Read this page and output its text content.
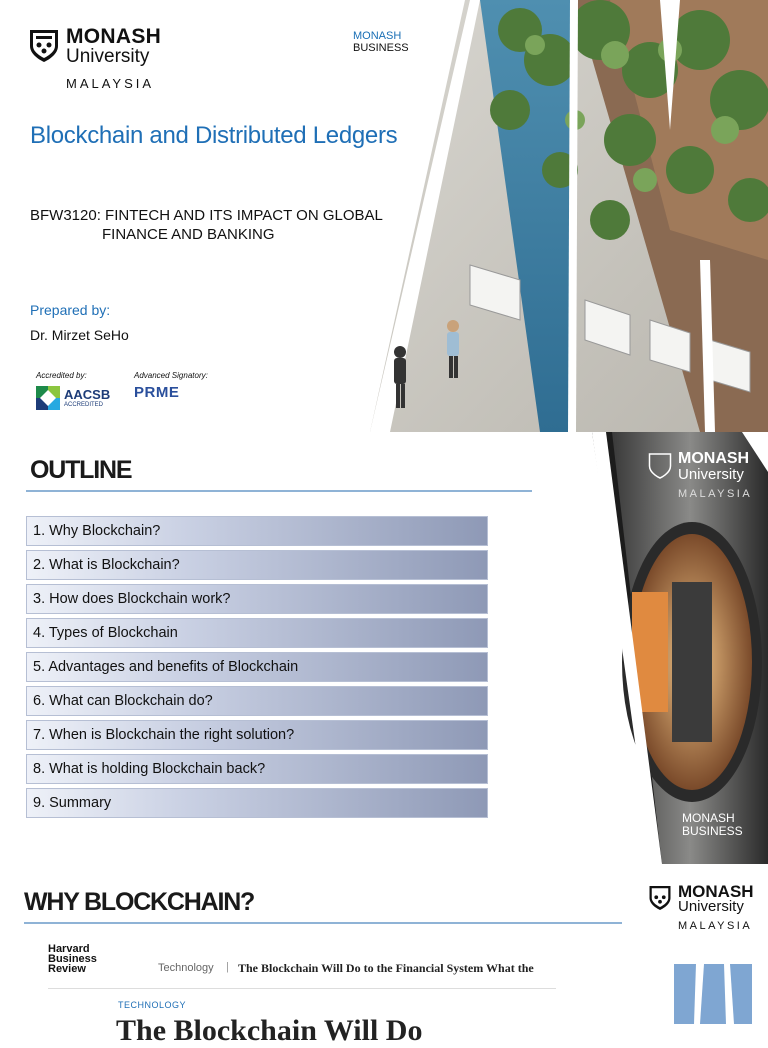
MONASH
University
MALAYSIA
MONASH
BUSINESS
Blockchain and Distributed Ledgers
BFW3120: FINTECH AND ITS IMPACT ON GLOBAL
FINANCE AND BANKING
Prepared by:
Dr. Mirzet SeHo
Accredited by:	Advanced Signatory:
AACSB
ACCREDITED
PRME

OUTLINE
1. Why Blockchain?
2. What is Blockchain?
3. How does Blockchain work?
4. Types of Blockchain
5. Advantages and benefits of Blockchain
6. What can Blockchain do?
7. When is Blockchain the right solution?
8. What is holding Blockchain back?
9. Summary
MONASH
University
MALAYSIA
MONASH
BUSINESS
WHY BLOCKCHAIN?
Harvard
Business
Review	Technology | The Blockchain Will Do to the Financial System What the
TECHNOLOGY
The Blockchain Will Do
MONASH
University
MALAYSIA
